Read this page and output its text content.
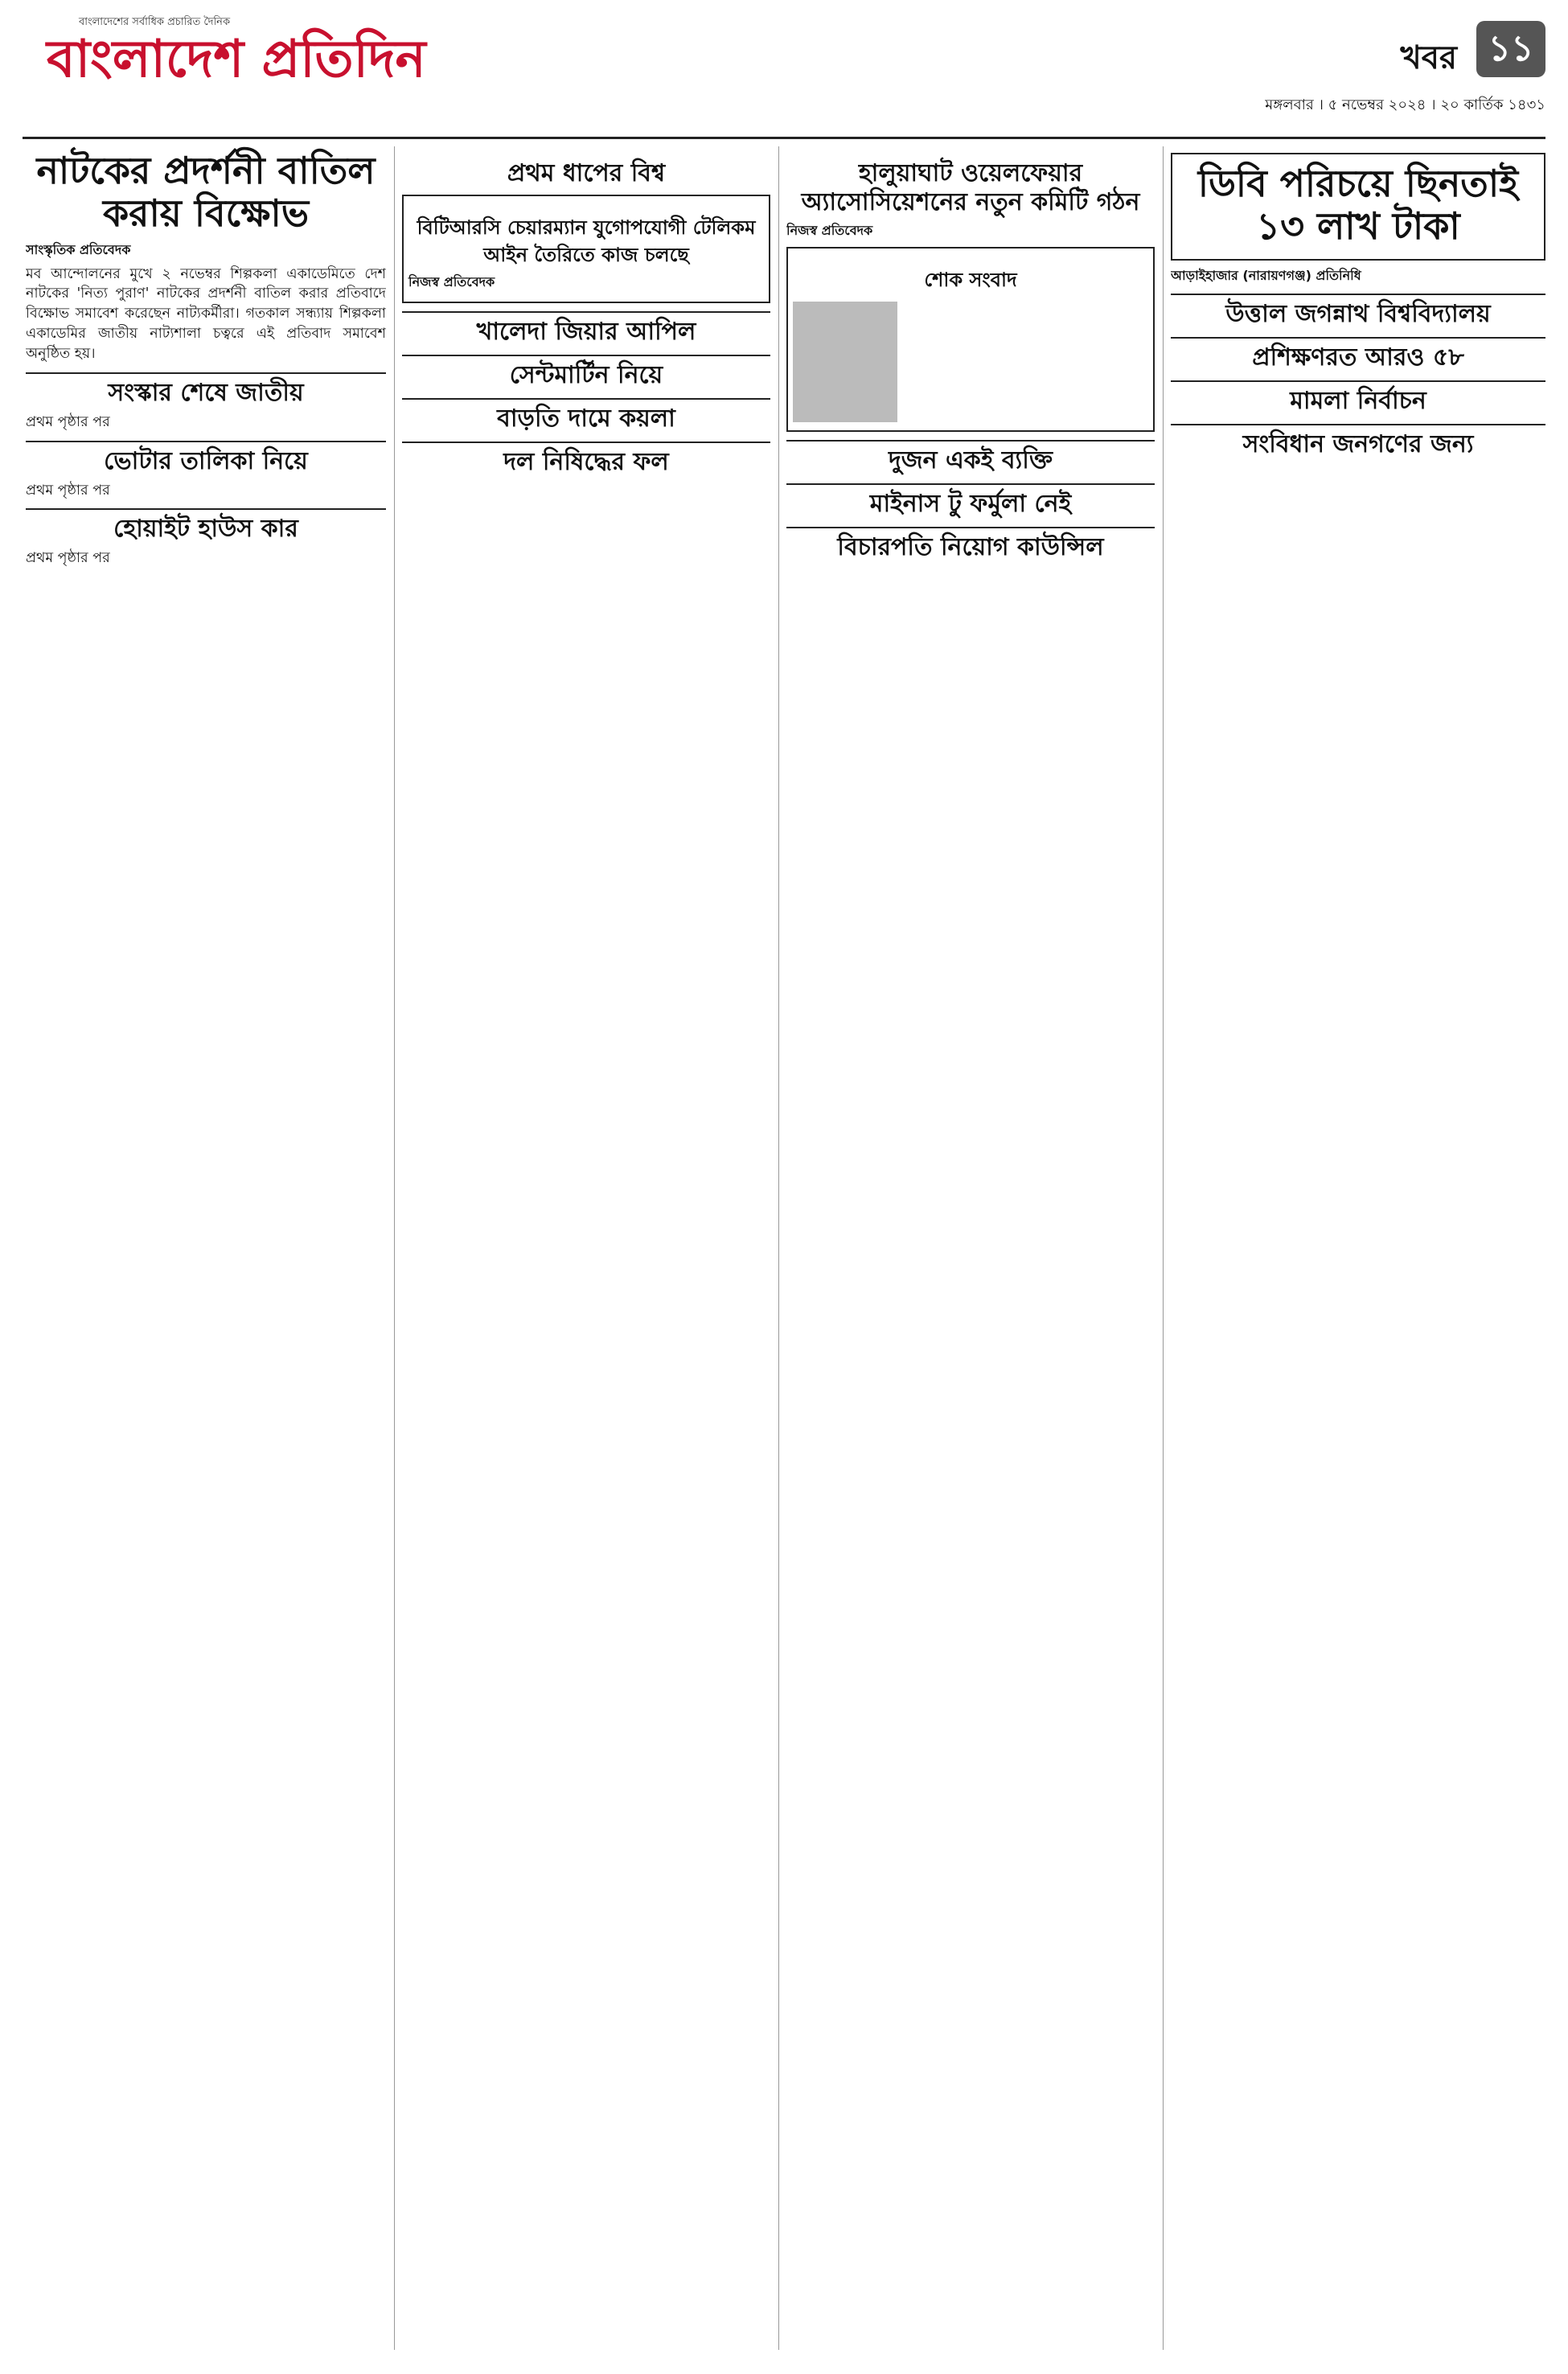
বাংলাদেশের সর্বাধিক প্রচারিত দৈনিক
বাংলাদেশ প্রতিদিন	খবর ১১
মঙ্গলবার । ৫ নভেম্বর ২০২৪ । ২০ কার্তিক ১৪৩১
নাটকের প্রদর্শনী বাতিল করায় বিক্ষোভ
সাংস্কৃতিক প্রতিবেদক

মব আন্দোলনের মুখে ২ নভেম্বর শিল্পকলা একাডেমিতে দেশ নাটকের 'নিত্য পুরাণ' নাটকের প্রদর্শনী বাতিল করার প্রতিবাদে বিক্ষোভ সমাবেশ করেছেন নাট্যকর্মীরা। গতকাল সন্ধ্যায় শিল্পকলা একাডেমির জাতীয় নাট্যশালা চত্বরে এই প্রতিবাদ সমাবেশ অনুষ্ঠিত হয়।

সংস্কার শেষে জাতীয়

প্রথম পৃষ্ঠার পর

ভোটার তালিকা নিয়ে

প্রথম পৃষ্ঠার পর

হোয়াইট হাউস কার

প্রথম পৃষ্ঠার পর

প্রথম ধাপের বিশ্ব
বিটিআরসি চেয়ারম্যান যুগোপযোগী টেলিকম আইন তৈরিতে কাজ চলছে
নিজস্ব প্রতিবেদক
খালেদা জিয়ার আপিল
সেন্টমার্টিন নিয়ে
বাড়তি দামে কয়লা
দল নিষিদ্ধের ফল
হালুয়াঘাট ওয়েলফেয়ার অ্যাসোসিয়েশনের নতুন কমিটি গঠন
নিজস্ব প্রতিবেদক
শোক সংবাদ
দুজন একই ব্যক্তি
মাইনাস টু ফর্মুলা নেই
বিচারপতি নিয়োগ কাউন্সিল
ডিবি পরিচয়ে ছিনতাই ১৩ লাখ টাকা
আড়াইহাজার (নারায়ণগঞ্জ) প্রতিনিধি
উত্তাল জগন্নাথ বিশ্ববিদ্যালয়
প্রশিক্ষণরত আরও ৫৮
মামলা নির্বাচন
সংবিধান জনগণের জন্য
